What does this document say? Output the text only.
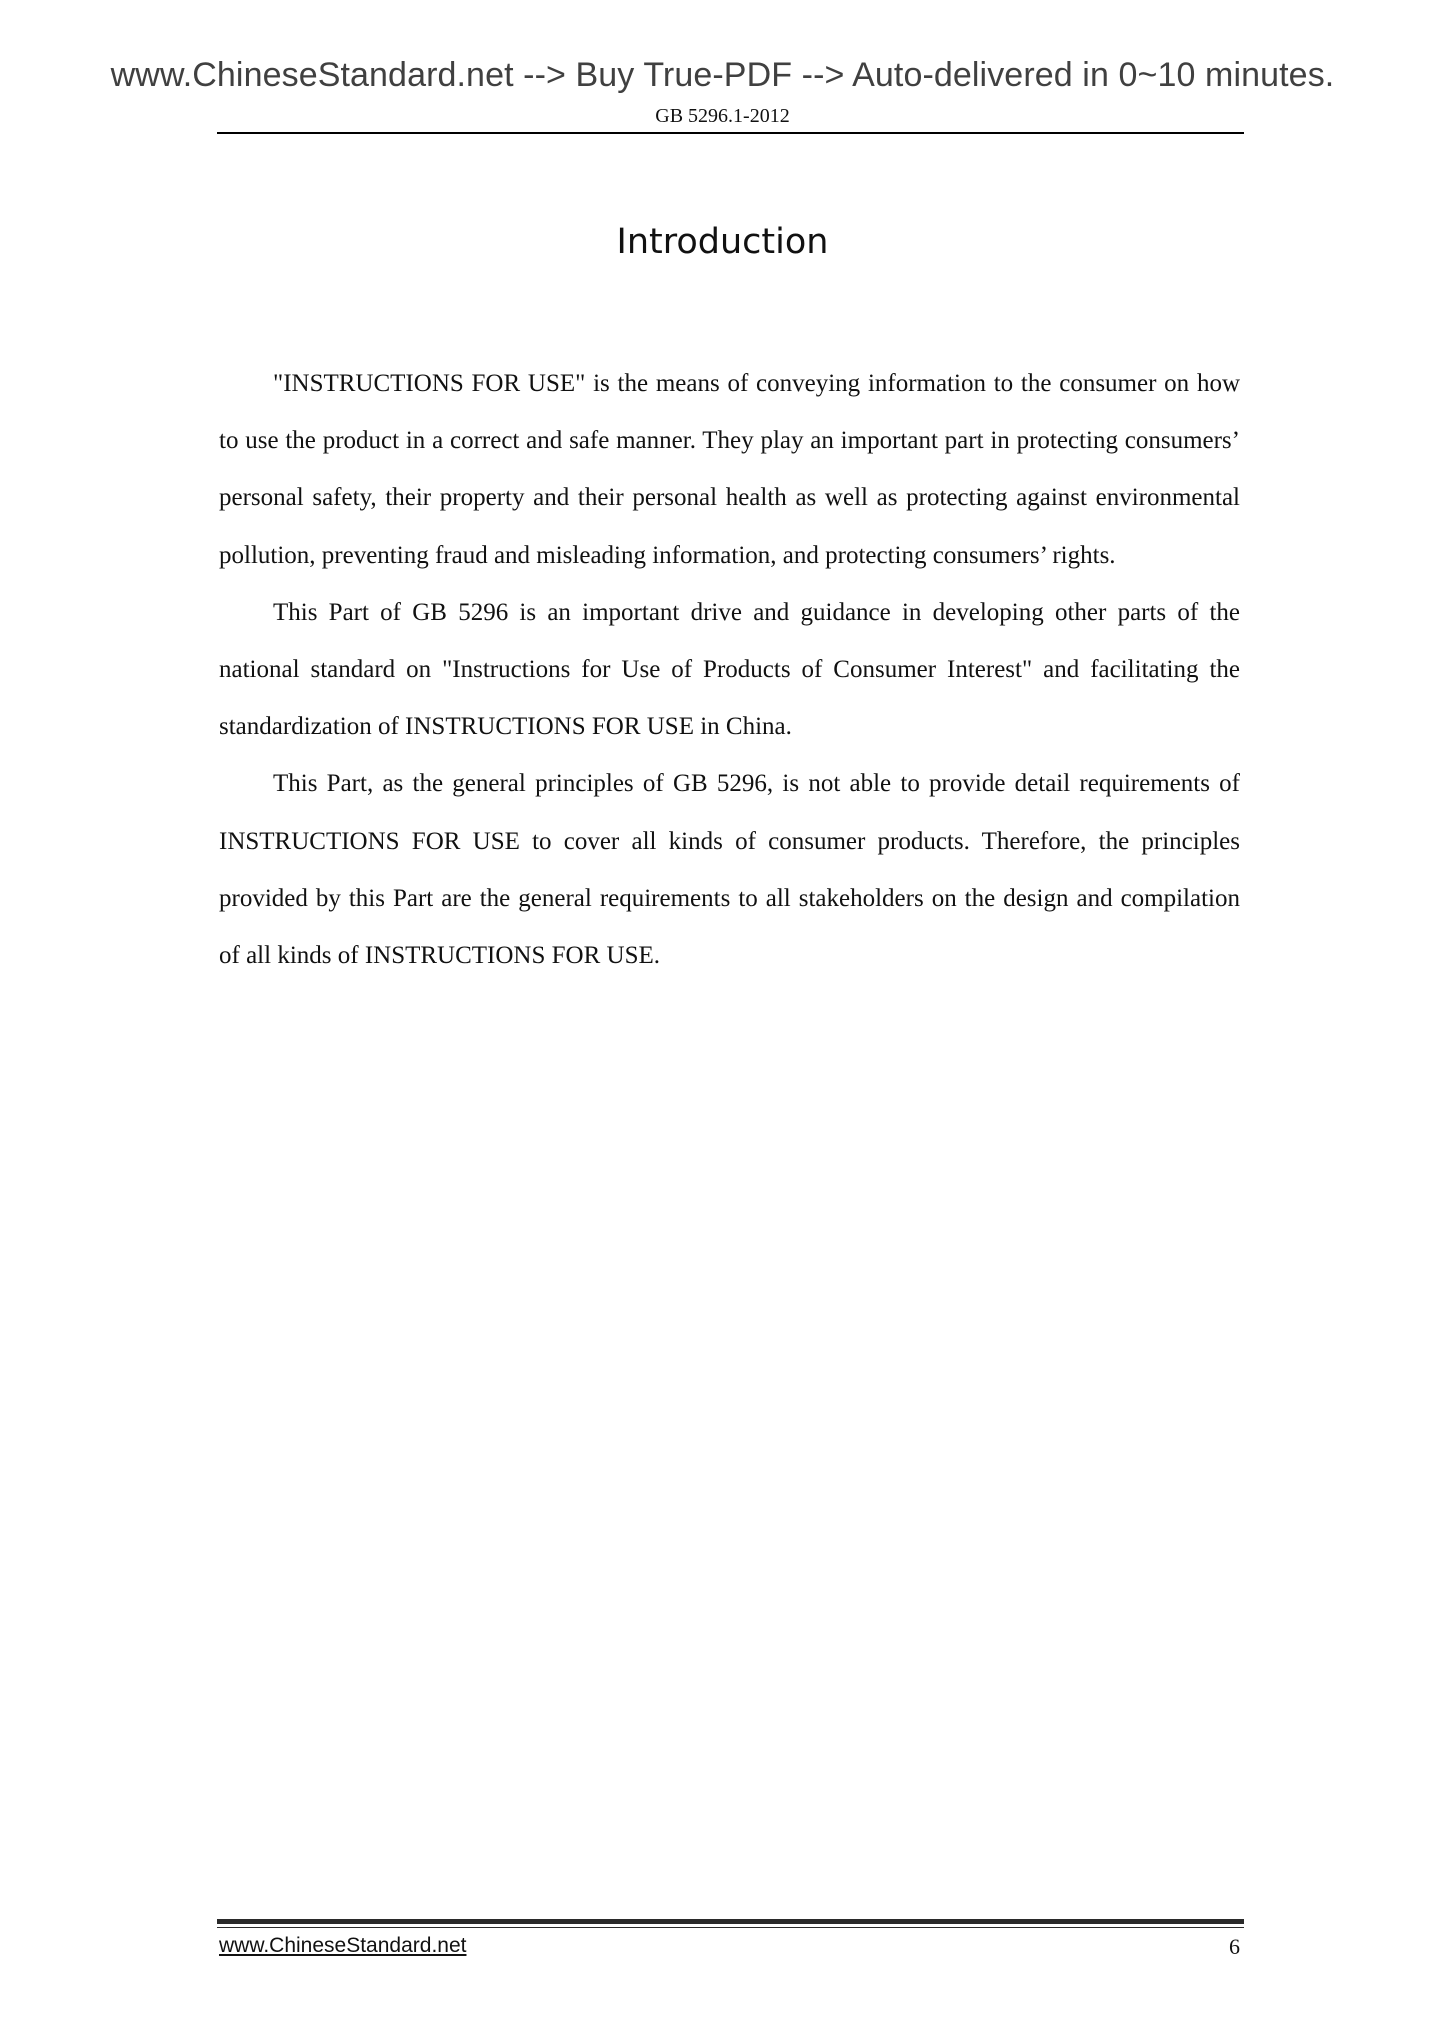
www.ChineseStandard.net --> Buy True-PDF --> Auto-delivered in 0~10 minutes.
GB 5296.1-2012
Introduction

"INSTRUCTIONS FOR USE" is the means of conveying information to the consumer on how to use the product in a correct and safe manner. They play an important part in protecting consumers’ personal safety, their property and their personal health as well as protecting against environmental pollution, preventing fraud and misleading information, and protecting consumers’ rights.

This Part of GB 5296 is an important drive and guidance in developing other parts of the national standard on "Instructions for Use of Products of Consumer Interest" and facilitating the standardization of INSTRUCTIONS FOR USE in China.

This Part, as the general principles of GB 5296, is not able to provide detail requirements of INSTRUCTIONS FOR USE to cover all kinds of consumer products. Therefore, the principles provided by this Part are the general requirements to all stakeholders on the design and compilation of all kinds of INSTRUCTIONS FOR USE.

www.ChineseStandard.net	6
